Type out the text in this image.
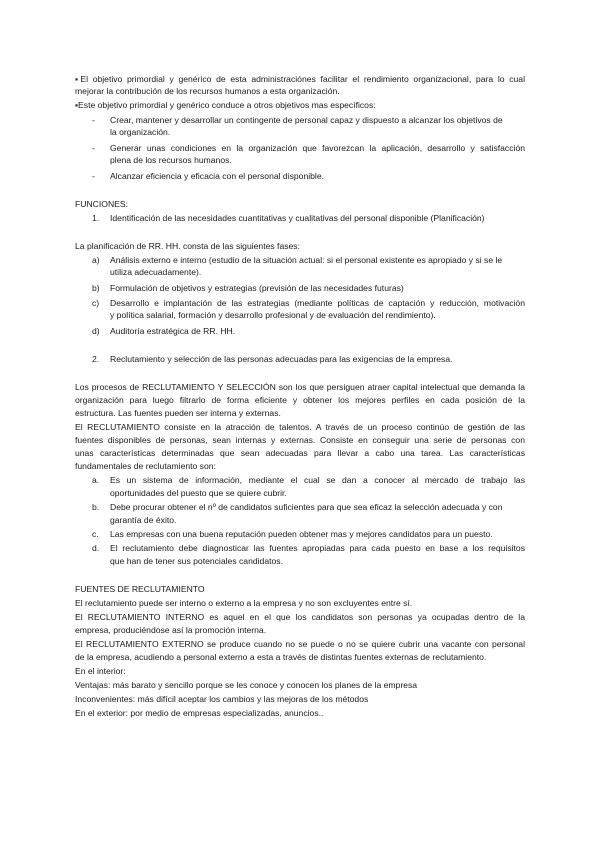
▪El objetivo primordial y genérico de esta administraciónes facilitar el rendimiento organizacional, para lo cual
mejorar la contribución de los recursos humanos a esta organización.
▪Este objetivo primordial y genérico conduce a otros objetivos mas específicos:
- Crear, mantener y desarrollar un contingente de personal capaz y dispuesto a alcanzar los objetivos de
la organización.
- Generar unas condiciones en la organización que favorezcan la aplicación, desarrollo y satisfacción
plena de los recursos humanos.
- Alcanzar eficiencia y eficacia con el personal disponible.
FUNCIONES:
1. Identificación de las necesidades cuantitativas y cualitativas del personal disponible (Planificación)
La planificación de RR. HH. consta de las siguientes fases:
a) Análisis externo e interno (estudio de la situación actual: si el personal existente es apropiado y si se le
utiliza adecuadamente).
b) Formulación de objetivos y estrategias (previsión de las necesidades futuras)
c) Desarrollo e implantación de las estrategias (mediante políticas de captación y reducción, motivación
y política salarial, formación y desarrollo profesional y de evaluación del rendimiento).
d) Auditoría estratégica de RR. HH.
2. Reclutamiento y selección de las personas adecuadas para las exigencias de la empresa.
Los procesos de RECLUTAMIENTO Y SELECCIÓN son los que persiguen atraer capital intelectual que demanda la
organización para luego filtrarlo de forma eficiente y obtener los mejores perfiles en cada posición de la
estructura. Las fuentes pueden ser interna y externas.
El RECLUTAMIENTO consiste en la atracción de talentos. A través de un proceso continúo de gestión de las
fuentes disponibles de personas, sean internas y externas. Consiste en conseguir una serie de personas con
unas características determinadas que sean adecuadas para llevar a cabo una tarea. Las características
fundamentales de reclutamiento son:
a. Es un sistema de información, mediante el cual se dan a conocer al mercado de trabajo las
oportunidades del puesto que se quiere cubrir.
b. Debe procurar obtener el nº de candidatos suficientes para que sea eficaz la selección adecuada y con
garantía de éxito.
c. Las empresas con una buena reputación pueden obtener mas y mejores candidatos para un puesto.
d. El reclutamiento debe diagnosticar las fuentes apropiadas para cada puesto en base a los requisitos
que han de tener sus potenciales candidatos.
FUENTES DE RECLUTAMIENTO
El reclutamiento puede ser interno o externo a la empresa y no son excluyentes entre sí.
El RECLUTAMIENTO INTERNO es aquel en el que los candidatos son personas ya ocupadas dentro de la
empresa, produciéndose así la promoción interna.
El RECLUTAMIENTO EXTERNO se produce cuando no se puede o no se quiere cubrir una vacante con personal
de la empresa, acudiendo a personal externo a esta a través de distintas fuentes externas de reclutamiento.
En el interior:
Ventajas: más barato y sencillo porque se les conoce y conocen los planes de la empresa
Inconvenientes: más difícil aceptar los cambios y las mejoras de los métodos
En el exterior: por medio de empresas especializadas, anuncios..
